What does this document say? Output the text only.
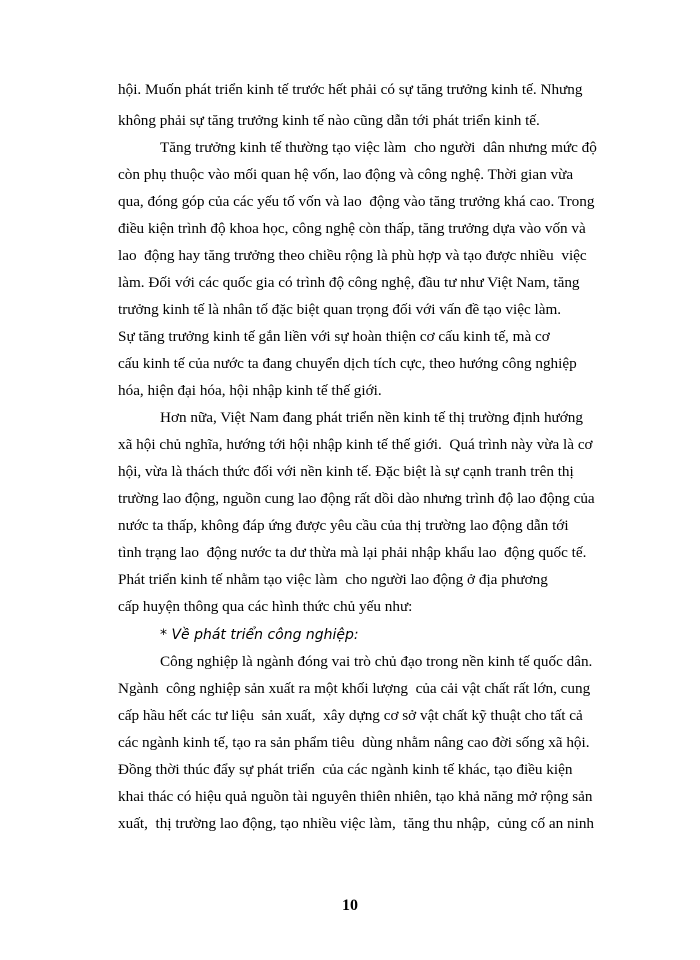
hội. Muốn phát triển kinh tế trước hết phải có sự tăng trưởng kinh tế. Nhưng
không phải sự tăng trưởng kinh tế nào cũng dẫn tới phát triển kinh tế.
Tăng trưởng kinh tế thường tạo việc làm  cho người  dân nhưng mức độ
còn phụ thuộc vào mối quan hệ vốn, lao động và công nghệ. Thời gian vừa
qua, đóng góp của các yếu tố vốn và lao  động vào tăng trưởng khá cao. Trong
điều kiện trình độ khoa học, công nghệ còn thấp, tăng trưởng dựa vào vốn và
lao  động hay tăng trưởng theo chiều rộng là phù hợp và tạo được nhiều  việc
làm. Đối với các quốc gia có trình độ công nghệ, đầu tư như Việt Nam, tăng
trưởng kinh tế là nhân tố đặc biệt quan trọng đối với vấn đề tạo việc làm.
Sự tăng trưởng kinh tế gắn liền với sự hoàn thiện cơ cấu kinh tế, mà cơ
cấu kinh tế của nước ta đang chuyển dịch tích cực, theo hướng công nghiệp
hóa, hiện đại hóa, hội nhập kinh tế thế giới.
Hơn nữa, Việt Nam đang phát triển nền kinh tế thị trường định hướng
xã hội chủ nghĩa, hướng tới hội nhập kinh tế thế giới.  Quá trình này vừa là cơ
hội, vừa là thách thức đối với nền kinh tế. Đặc biệt là sự cạnh tranh trên thị
trường lao động, nguồn cung lao động rất dồi dào nhưng trình độ lao động của
nước ta thấp, không đáp ứng được yêu cầu của thị trường lao động dẫn tới
tình trạng lao  động nước ta dư thừa mà lại phải nhập khẩu lao  động quốc tế.
Phát triển kinh tế nhằm tạo việc làm  cho người lao động ở địa phương
cấp huyện thông qua các hình thức chủ yếu như:
* Về phát triển công nghiệp:
Công nghiệp là ngành đóng vai trò chủ đạo trong nền kinh tế quốc dân.
Ngành  công nghiệp sản xuất ra một khối lượng  của cải vật chất rất lớn, cung
cấp hầu hết các tư liệu  sản xuất,  xây dựng cơ sở vật chất kỹ thuật cho tất cả
các ngành kinh tế, tạo ra sản phẩm tiêu  dùng nhằm nâng cao đời sống xã hội.
Đồng thời thúc đẩy sự phát triển  của các ngành kinh tế khác, tạo điều kiện
khai thác có hiệu quả nguồn tài nguyên thiên nhiên, tạo khả năng mở rộng sản
xuất,  thị trường lao động, tạo nhiều việc làm,  tăng thu nhập,  củng cố an ninh
10
